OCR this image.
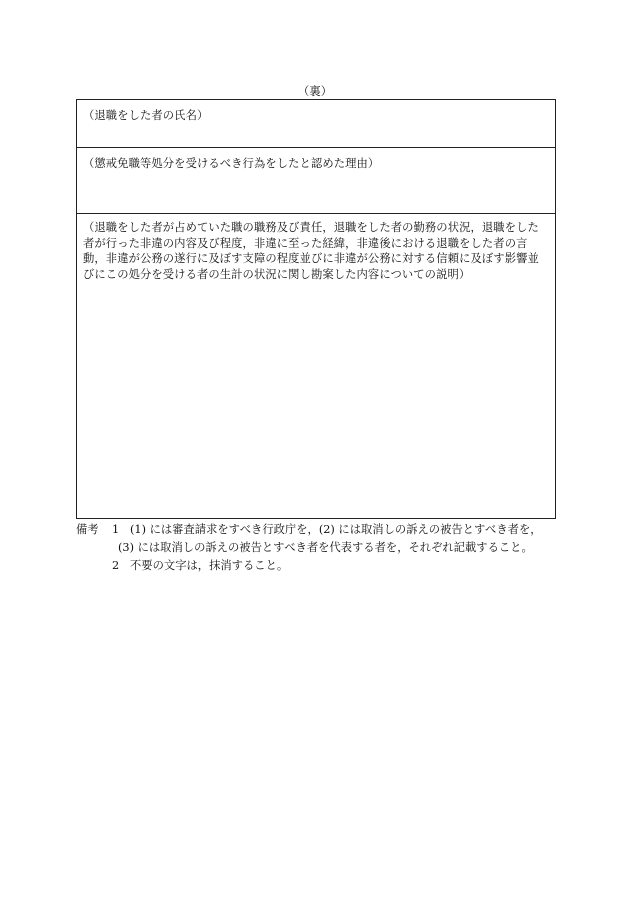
（裏）
（退職をした者の氏名）
（懲戒免職等処分を受けるべき行為をしたと認めた理由）
（退職をした者が占めていた職の職務及び責任，退職をした者の勤務の状況，退職をした者が行った非違の内容及び程度，非違に至った経緯，非違後における退職をした者の言動，非違が公務の遂行に及ぼす支障の程度並びに非違が公務に対する信頼に及ぼす影響並びにこの処分を受ける者の生計の状況に関し勘案した内容についての説明）
備考 1 (1) には審査請求をすべき行政庁を，(2) には取消しの訴えの被告とすべき者を，
(3) には取消しの訴えの被告とすべき者を代表する者を，それぞれ記載すること。
2 不要の文字は，抹消すること。
